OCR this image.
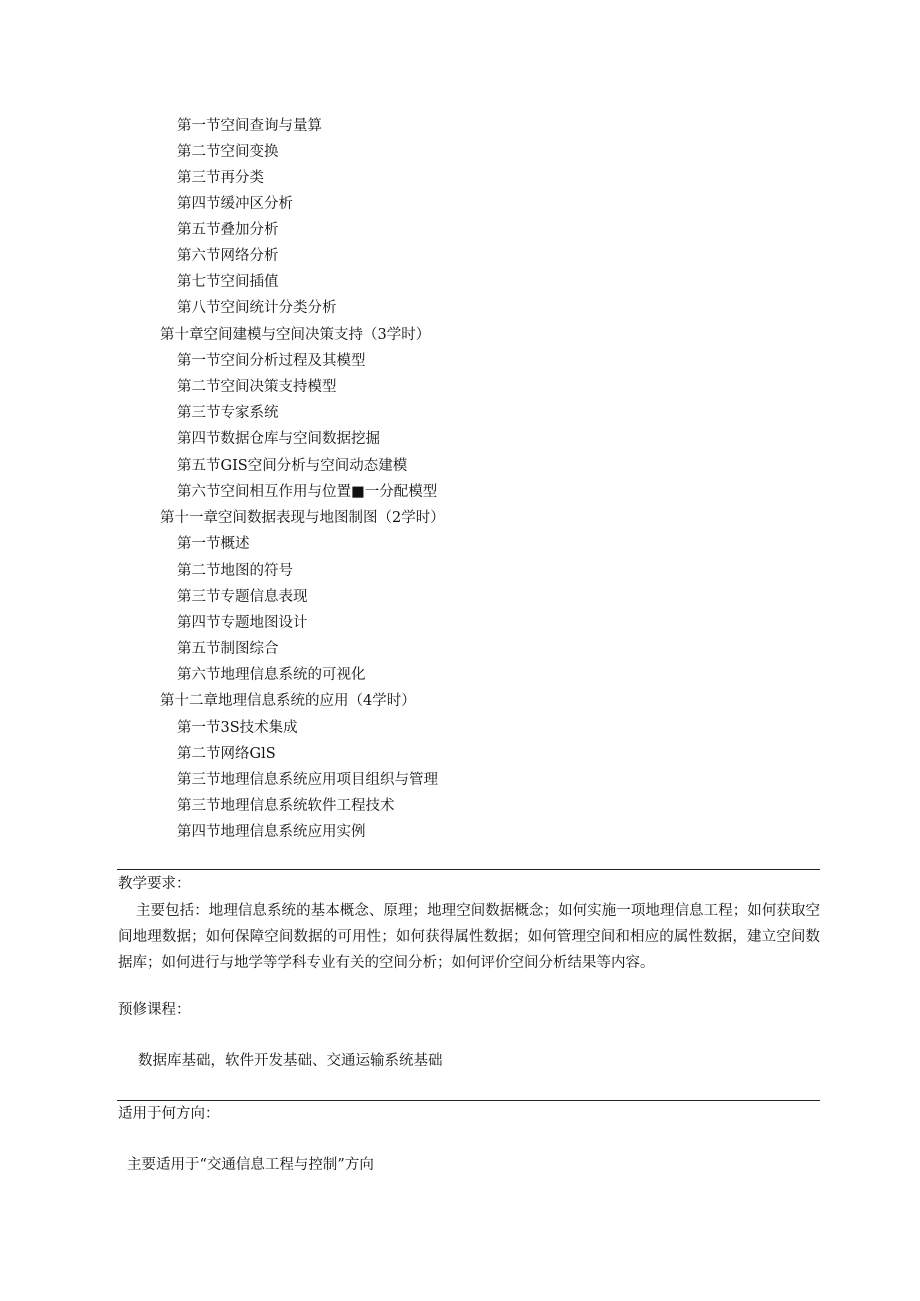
第一节空间查询与量算
第二节空间变换
第三节再分类
第四节缓冲区分析
第五节叠加分析
第六节网络分析
第七节空间插值
第八节空间统计分类分析
第十章空间建模与空间决策支持（3学时）
第一节空间分析过程及其模型
第二节空间决策支持模型
第三节专家系统
第四节数据仓库与空间数据挖掘
第五节GIS空间分析与空间动态建模
第六节空间相互作用与位置■一分配模型
第十一章空间数据表现与地图制图（2学时）
第一节概述
第二节地图的符号
第三节专题信息表现
第四节专题地图设计
第五节制图综合
第六节地理信息系统的可视化
第十二章地理信息系统的应用（4学时）
第一节3S技术集成
第二节网络GlS
第三节地理信息系统应用项目组织与管理
第三节地理信息系统软件工程技术
第四节地理信息系统应用实例
教学要求：
主要包括：地理信息系统的基本概念、原理；地理空间数据概念；如何实施一项地理信息工程；如何获取空间地理数据；如何保障空间数据的可用性；如何获得属性数据；如何管理空间和相应的属性数据，建立空间数据库；如何进行与地学等学科专业有关的空间分析；如何评价空间分析结果等内容。
预修课程：
数据库基础，软件开发基础、交通运输系统基础
适用于何方向：
主要适用于“交通信息工程与控制”方向
